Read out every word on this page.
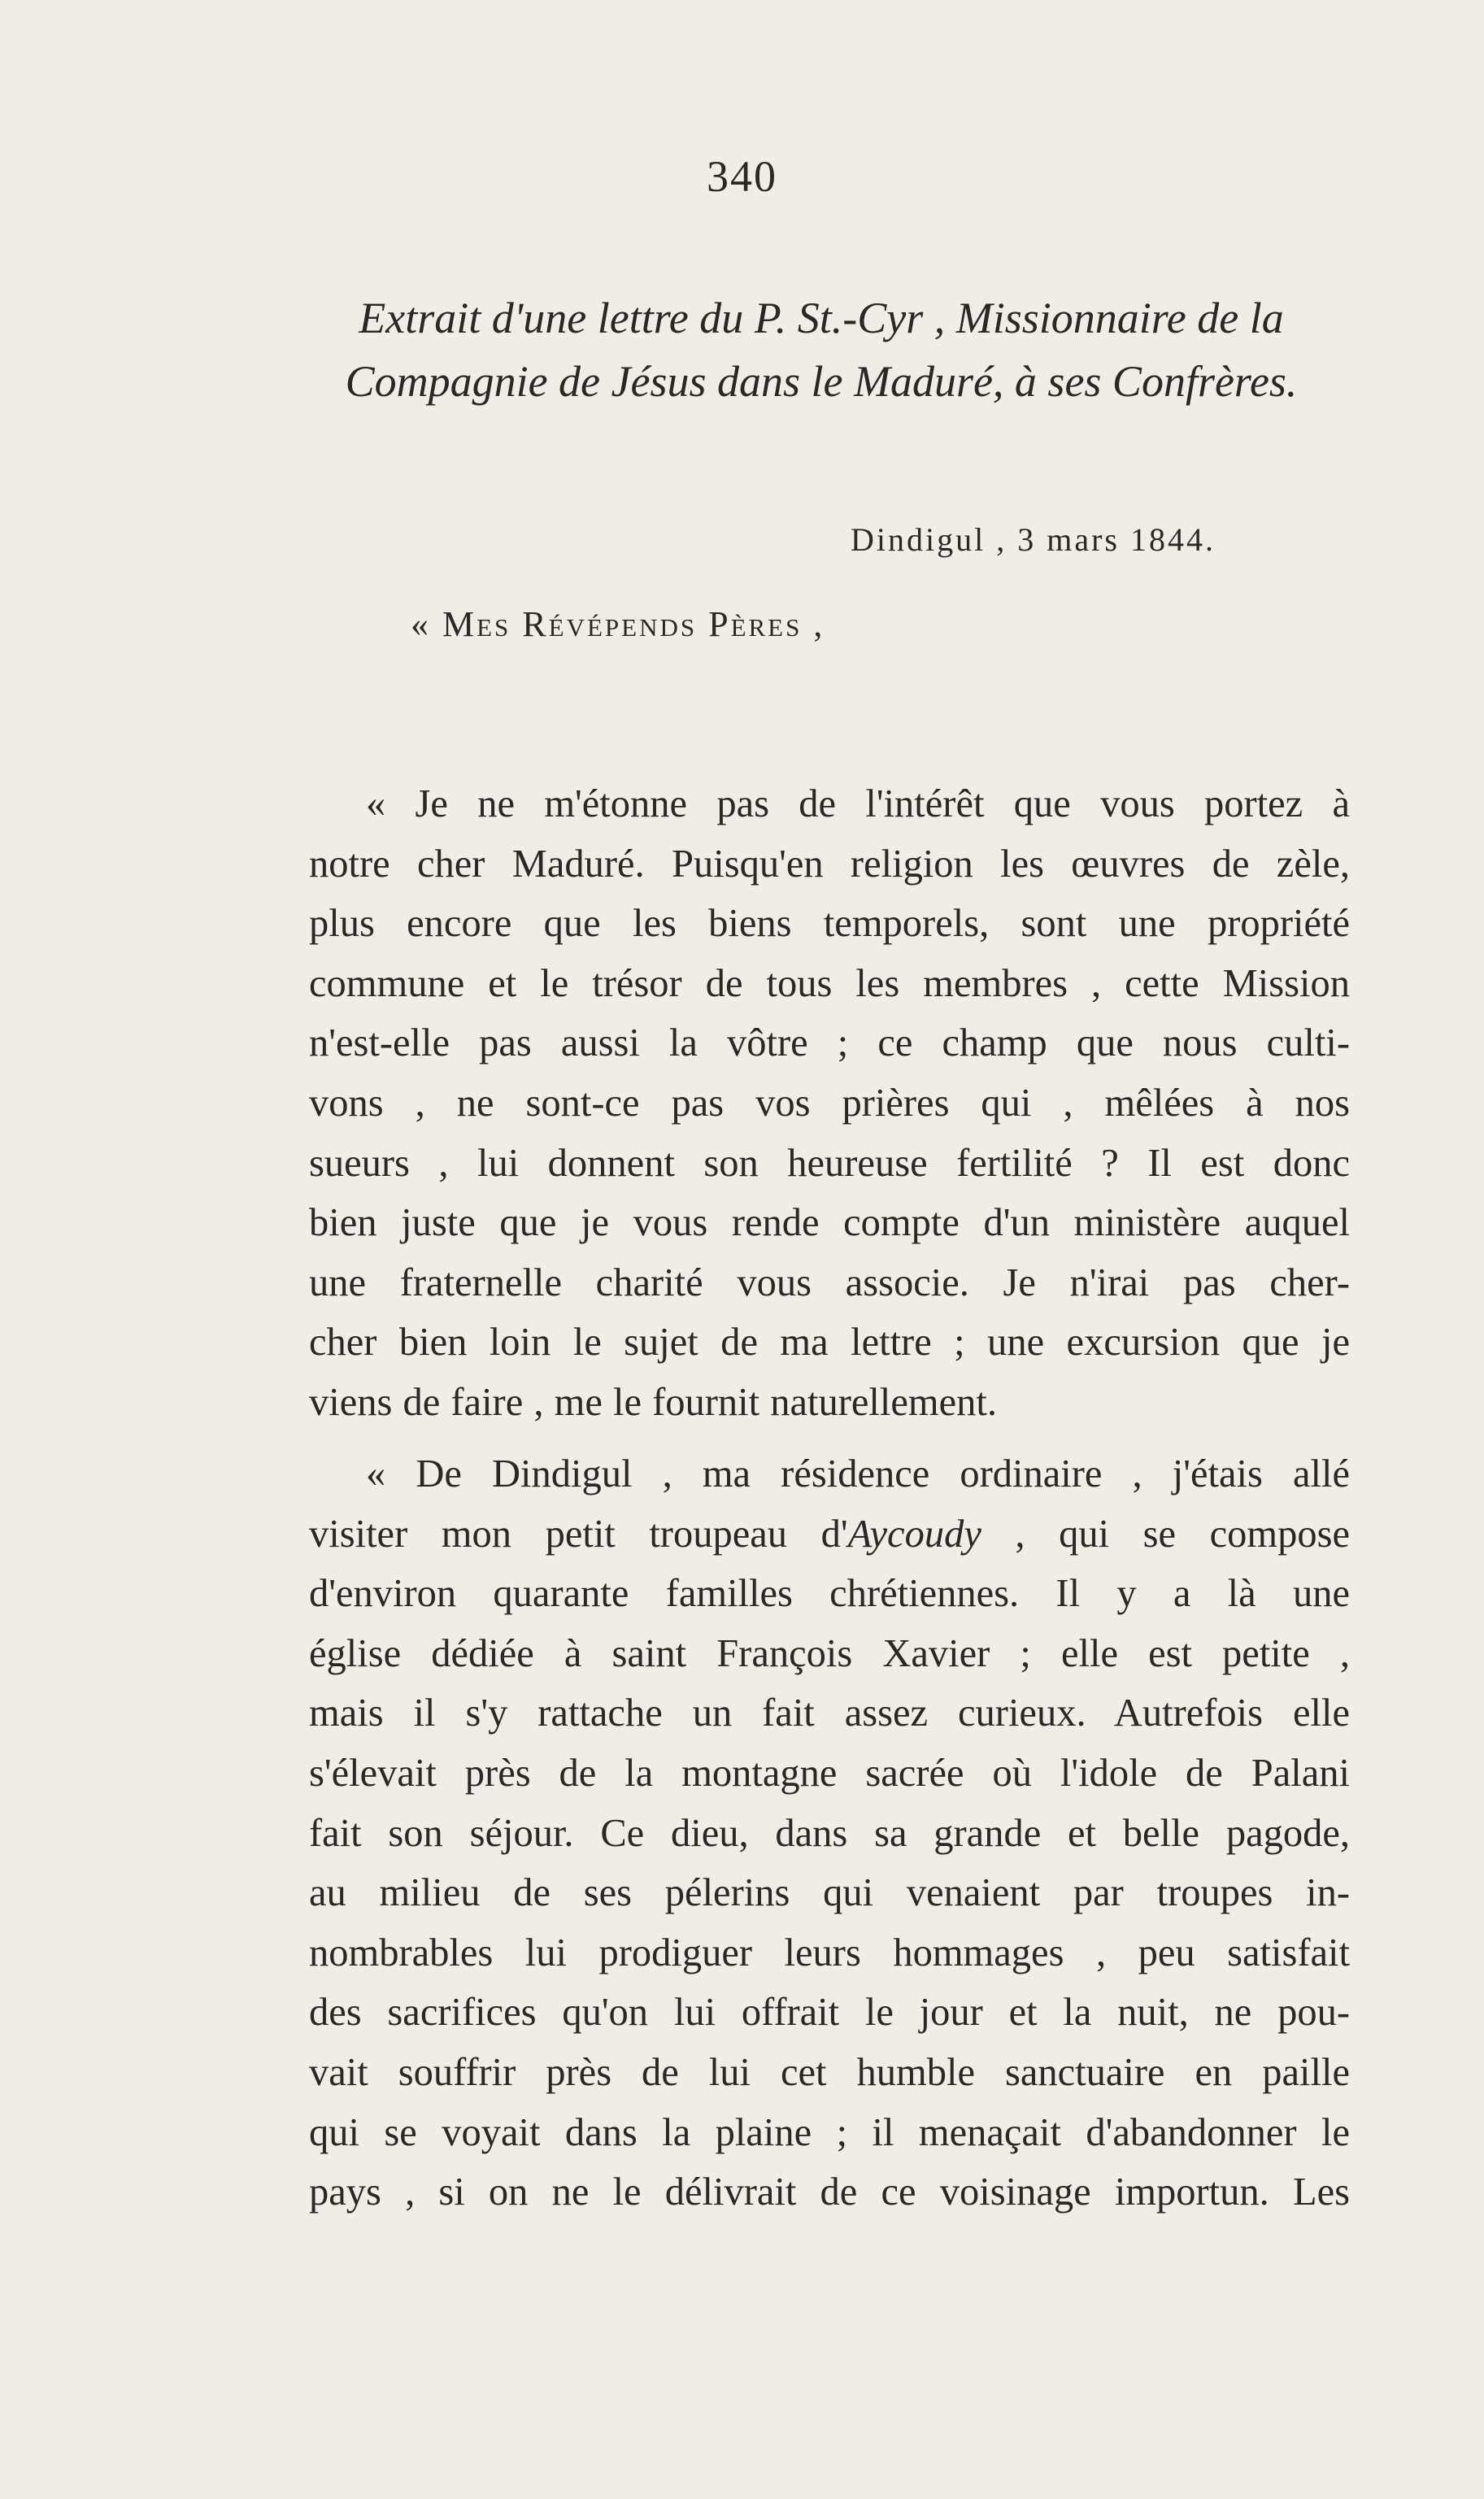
340
Extrait d'une lettre du P. St.-Cyr , Missionnaire de la
Compagnie de Jésus dans le Maduré, à ses Confrères.
Dindigul , 3 mars 1844.
« Mes Révépends Pères ,
« Je ne m'étonne pas de l'intérêt que vous portez à
notre cher Maduré. Puisqu'en religion les œuvres de zèle,
plus encore que les biens temporels, sont une propriété
commune et le trésor de tous les membres , cette Mission
n'est-elle pas aussi la vôtre ; ce champ que nous culti-
vons , ne sont-ce pas vos prières qui , mêlées à nos
sueurs , lui donnent son heureuse fertilité ? Il est donc
bien juste que je vous rende compte d'un ministère auquel
une fraternelle charité vous associe. Je n'irai pas cher-
cher bien loin le sujet de ma lettre ; une excursion que je
viens de faire , me le fournit naturellement.
« De Dindigul , ma résidence ordinaire , j'étais allé
visiter mon petit troupeau d'Aycoudy , qui se compose
d'environ quarante familles chrétiennes. Il y a là une
église dédiée à saint François Xavier ; elle est petite ,
mais il s'y rattache un fait assez curieux. Autrefois elle
s'élevait près de la montagne sacrée où l'idole de Palani
fait son séjour. Ce dieu, dans sa grande et belle pagode,
au milieu de ses pélerins qui venaient par troupes in-
nombrables lui prodiguer leurs hommages , peu satisfait
des sacrifices qu'on lui offrait le jour et la nuit, ne pou-
vait souffrir près de lui cet humble sanctuaire en paille
qui se voyait dans la plaine ; il menaçait d'abandonner le
pays , si on ne le délivrait de ce voisinage importun. Les
